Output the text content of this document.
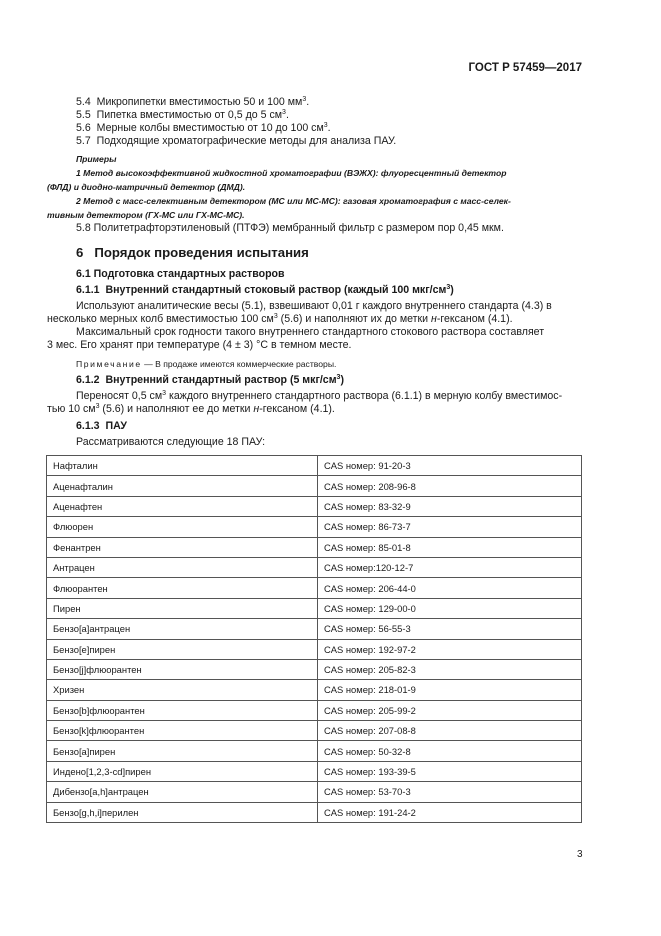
ГОСТ Р 57459—2017
5.4 Микропипетки вместимостью 50 и 100 $мм^3$.
5.5 Пипетка вместимостью от 0,5 до 5 $см^3$.
5.6 Мерные колбы вместимостью от 10 до 100 $см^3$.
5.7 Подходящие хроматографические методы для анализа ПАУ.
Примеры
1 Метод высокоэффективной жидкостной хроматографии (ВЭЖХ): флуоресцентный детектор
(ФЛД) и диодно-матричный детектор (ДМД).
2 Метод с масс-селективным детектором (МС или МС-МС): газовая хроматография с масс-селек-
тивным детектором (ГХ-МС или ГХ-МС-МС).
5.8 Политетрафторэтиленовый (ПТФЭ) мембранный фильтр с размером пор 0,45 мкм.
6 Порядок проведения испытания
6.1 Подготовка стандартных растворов
6.1.1 Внутренний стандартный стоковый раствор (каждый 100 мкг/$см^3$)
Используют аналитические весы (5.1), взвешивают 0,01 г каждого внутреннего стандарта (4.3) в
несколько мерных колб вместимостью 100 $см^3$ (5.6) и наполняют их до метки н-гексаном (4.1).
Максимальный срок годности такого внутреннего стандартного стокового раствора составляет
3 мес. Его хранят при температуре (4 ± 3) °С в темном месте.
Примечание — В продаже имеются коммерческие растворы.
6.1.2 Внутренний стандартный раствор (5 мкг/$см^3$)
Переносят 0,5 $см^3$ каждого внутреннего стандартного раствора (6.1.1) в мерную колбу вместимос-
тью 10 $см^3$ (5.6) и наполняют ее до метки н-гексаном (4.1).
6.1.3 ПАУ
Рассматриваются следующие 18 ПАУ:
Нафталин	CAS номер: 91-20-3
Аценафталин	CAS номер: 208-96-8
Аценафтен	CAS номер: 83-32-9
Флюорен	CAS номер: 86-73-7
Фенантрен	CAS номер: 85-01-8
Антрацен	CAS номер:120-12-7
Флюорантен	CAS номер: 206-44-0
Пирен	CAS номер: 129-00-0
Бензо[а]антрацен	CAS номер: 56-55-3
Бензо[е]пирен	CAS номер: 192-97-2
Бензо[j]флюорантен	CAS номер: 205-82-3
Хризен	CAS номер: 218-01-9
Бензо[b]флюорантен	CAS номер: 205-99-2
Бензо[k]флюорантен	CAS номер: 207-08-8
Бензо[а]пирен	CAS номер: 50-32-8
Индено[1,2,3-cd]пирен	CAS номер: 193-39-5
Дибензо[а,h]антрацен	CAS номер: 53-70-3
Бензо[g,h,i]перилен	CAS номер: 191-24-2
3
